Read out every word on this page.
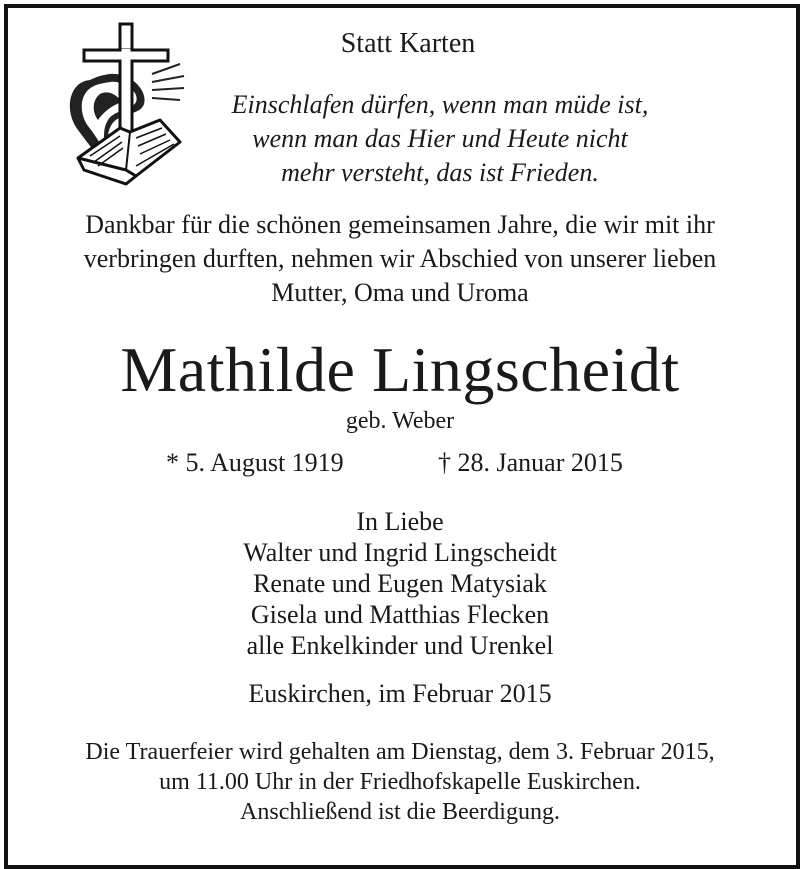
Statt Karten
Einschlafen dürfen, wenn man müde ist,
wenn man das Hier und Heute nicht
mehr versteht, das ist Frieden.
Dankbar für die schönen gemeinsamen Jahre, die wir mit ihr
verbringen durften, nehmen wir Abschied von unserer lieben
Mutter, Oma und Uroma
Mathilde Lingscheidt
geb. Weber
* 5. August 1919	† 28. Januar 2015
In Liebe
Walter und Ingrid Lingscheidt
Renate und Eugen Matysiak
Gisela und Matthias Flecken
alle Enkelkinder und Urenkel
Euskirchen, im Februar 2015
Die Trauerfeier wird gehalten am Dienstag, dem 3. Februar 2015,
um 11.00 Uhr in der Friedhofskapelle Euskirchen.
Anschließend ist die Beerdigung.
